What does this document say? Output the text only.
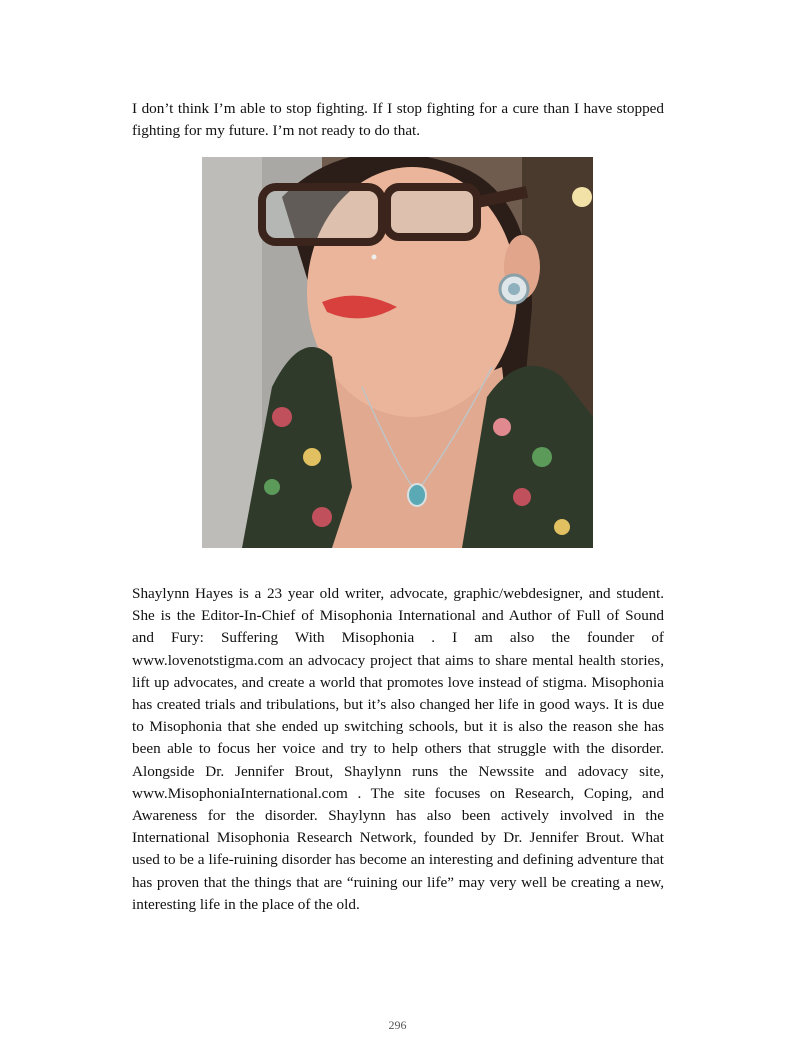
I don’t think I’m able to stop fighting. If I stop fighting for a cure than I have stopped fighting for my future. I’m not ready to do that.

Shaylynn Hayes is a 23 year old writer, advocate, graphic/webdesigner, and student. She is the Editor-In-Chief of Misophonia International and Author of Full of Sound and Fury: Suffering With Misophonia . I am also the founder of www.lovenotstigma.com an advocacy project that aims to share mental health stories, lift up advocates, and create a world that promotes love instead of stigma. Misophonia has created trials and tribulations, but it’s also changed her life in good ways. It is due to Misophonia that she ended up switching schools, but it is also the reason she has been able to focus her voice and try to help others that struggle with the disorder. Alongside Dr. Jennifer Brout, Shaylynn runs the Newssite and adovacy site, www.MisophoniaInternational.com . The site focuses on Research, Coping, and Awareness for the disorder. Shaylynn has also been actively involved in the International Misophonia Research Network, founded by Dr. Jennifer Brout. What used to be a life-ruining disorder has become an interesting and defining adventure that has proven that the things that are “ruining our life” may very well be creating a new, interesting life in the place of the old.

296
